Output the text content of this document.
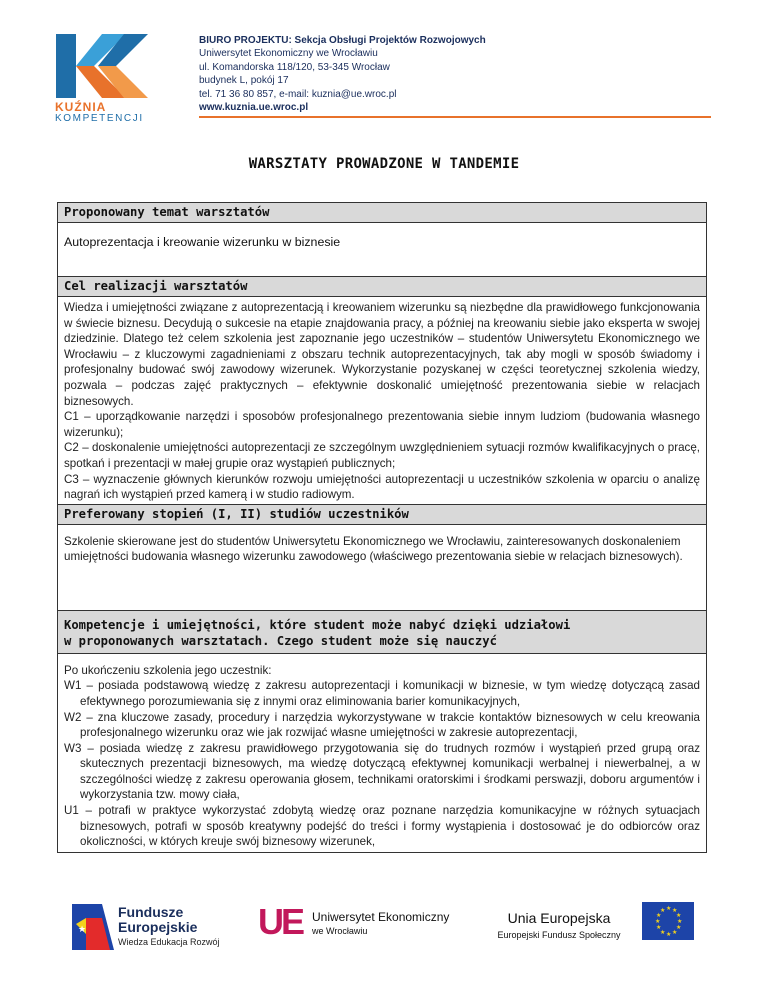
KUŹNIA
KOMPETENCJI
BIURO PROJEKTU: Sekcja Obsługi Projektów Rozwojowych
Uniwersytet Ekonomiczny we Wrocławiu
ul. Komandorska 118/120, 53-345 Wrocław
budynek L, pokój 17
tel. 71 36 80 857, e-mail: kuznia@ue.wroc.pl
www.kuznia.ue.wroc.pl
WARSZTATY PROWADZONE W TANDEMIE
Proponowany temat warsztatów
Autoprezentacja i kreowanie wizerunku w biznesie
Cel realizacji warsztatów
Wiedza i umiejętności związane z autoprezentacją i kreowaniem wizerunku są niezbędne dla prawidłowego funkcjonowania w świecie biznesu. Decydują o sukcesie na etapie znajdowania pracy, a później na kreowaniu siebie jako eksperta w swojej dziedzinie. Dlatego też celem szkolenia jest zapoznanie jego uczestników – studentów Uniwersytetu Ekonomicznego we Wrocławiu – z kluczowymi zagadnieniami z obszaru technik autoprezentacyjnych, tak aby mogli w sposób świadomy i profesjonalny budować swój zawodowy wizerunek. Wykorzystanie pozyskanej w części teoretycznej szkolenia wiedzy, pozwala – podczas zajęć praktycznych – efektywnie doskonalić umiejętność prezentowania siebie w relacjach biznesowych.
C1 – uporządkowanie narzędzi i sposobów profesjonalnego prezentowania siebie innym ludziom (budowania własnego wizerunku);
C2 – doskonalenie umiejętności autoprezentacji ze szczególnym uwzględnieniem sytuacji rozmów kwalifikacyjnych o pracę, spotkań i prezentacji w małej grupie oraz wystąpień publicznych;
C3 – wyznaczenie głównych kierunków rozwoju umiejętności autoprezentacji u uczestników szkolenia w oparciu o analizę nagrań ich wystąpień przed kamerą i w studio radiowym.
Preferowany stopień (I, II) studiów uczestników
Szkolenie skierowane jest do studentów Uniwersytetu Ekonomicznego we Wrocławiu, zainteresowanych doskonaleniem umiejętności budowania własnego wizerunku zawodowego (właściwego prezentowania siebie w relacjach biznesowych).
Kompetencje i umiejętności, które student może nabyć dzięki udziałowi
w proponowanych warsztatach. Czego student może się nauczyć
Po ukończeniu szkolenia jego uczestnik:
W1 – posiada podstawową wiedzę z zakresu autoprezentacji i komunikacji w biznesie, w tym wiedzę dotyczącą zasad efektywnego porozumiewania się z innymi oraz eliminowania barier komunikacyjnych,
W2 – zna kluczowe zasady, procedury i narzędzia wykorzystywane w trakcie kontaktów biznesowych w celu kreowania profesjonalnego wizerunku oraz wie jak rozwijać własne umiejętności w zakresie autoprezentacji,
W3 – posiada wiedzę z zakresu prawidłowego przygotowania się do trudnych rozmów i wystąpień przed grupą oraz skutecznych prezentacji biznesowych, ma wiedzę dotyczącą efektywnej komunikacji werbalnej i niewerbalnej, a w szczególności wiedzę z zakresu operowania głosem, technikami oratorskimi i środkami perswazji, doboru argumentów i wykorzystania tzw. mowy ciała,
U1 – potrafi w praktyce wykorzystać zdobytą wiedzę oraz poznane narzędzia komunikacyjne w różnych sytuacjach biznesowych, potrafi w sposób kreatywny podejść do treści i formy wystąpienia i dostosować je do odbiorców oraz okoliczności, w których kreuje swój biznesowy wizerunek,
★
Fundusze
Europejskie
Wiedza Edukacja Rozwój UE Uniwersytet Ekonomiczny
we Wrocławiu
Unia Europejska
Europejski Fundusz Społeczny
★ ★
★
★
★
★
★
★
★
★
★
★
